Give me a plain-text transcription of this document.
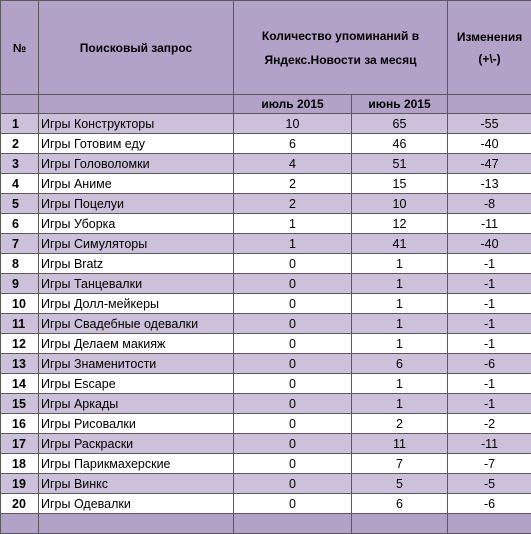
№	Поисковый запрос	Количество упоминаний в Яндекс.Новости за месяц		Изменения (+\-)
		июль 2015	июнь 2015	
1	Игры Конструкторы	10	65	-55
2	Игры Готовим еду	6	46	-40
3	Игры Головоломки	4	51	-47
4	Игры Аниме	2	15	-13
5	Игры Поцелуи	2	10	-8
6	Игры Уборка	1	12	-11
7	Игры Симуляторы	1	41	-40
8	Игры Bratz	0	1	-1
9	Игры Танцевалки	0	1	-1
10	Игры Долл-мейкеры	0	1	-1
11	Игры Свадебные одевалки	0	1	-1
12	Игры Делаем макияж	0	1	-1
13	Игры Знаменитости	0	6	-6
14	Игры Escape	0	1	-1
15	Игры Аркады	0	1	-1
16	Игры Рисовалки	0	2	-2
17	Игры Раскраски	0	11	-11
18	Игры Парикмахерские	0	7	-7
19	Игры Винкс	0	5	-5
20	Игры Одевалки	0	6	-6
